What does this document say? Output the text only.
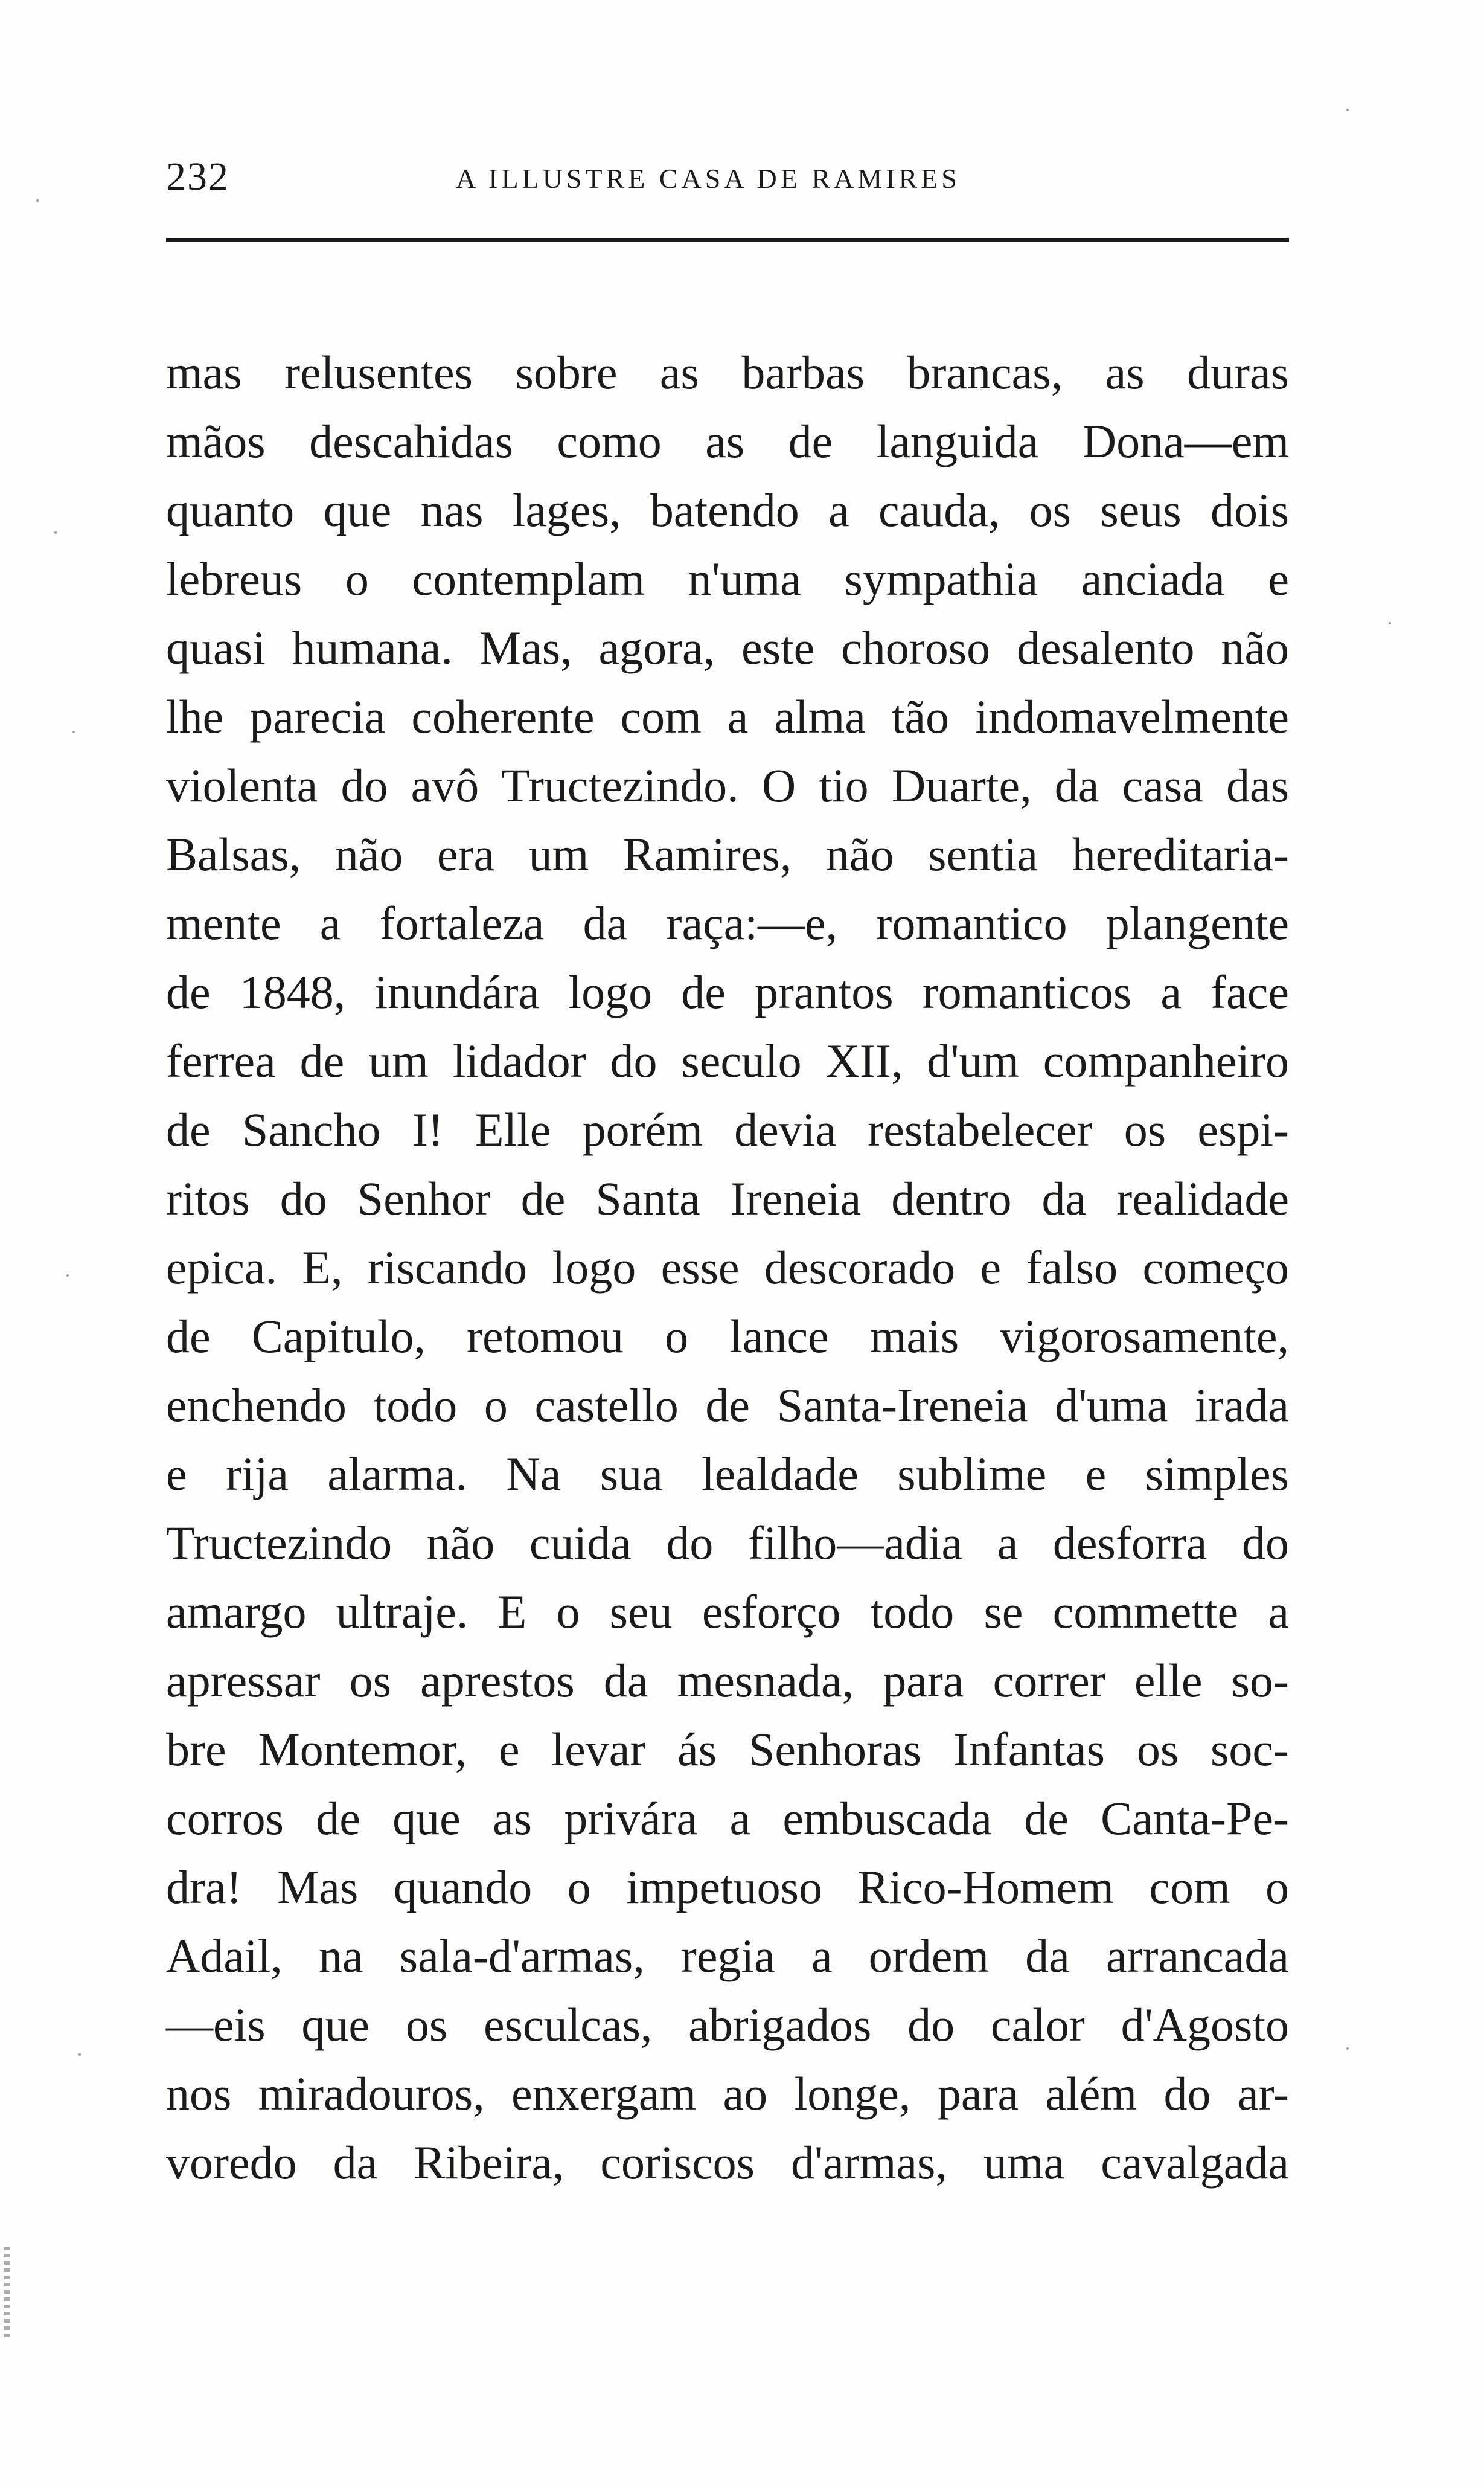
232	A ILLUSTRE CASA DE RAMIRES
mas relusentes sobre as barbas brancas, as duras
mãos descahidas como as de languida Dona—em
quanto que nas lages, batendo a cauda, os seus dois
lebreus o contemplam n'uma sympathia anciada e
quasi humana. Mas, agora, este choroso desalento não
lhe parecia coherente com a alma tão indomavelmente
violenta do avô Tructezindo. O tio Duarte, da casa das
Balsas, não era um Ramires, não sentia hereditaria-
mente a fortaleza da raça:—e, romantico plangente
de 1848, inundára logo de prantos romanticos a face
ferrea de um lidador do seculo XII, d'um companheiro
de Sancho I! Elle porém devia restabelecer os espi-
ritos do Senhor de Santa Ireneia dentro da realidade
epica. E, riscando logo esse descorado e falso começo
de Capitulo, retomou o lance mais vigorosamente,
enchendo todo o castello de Santa-Ireneia d'uma irada
e rija alarma. Na sua lealdade sublime e simples
Tructezindo não cuida do filho—adia a desforra do
amargo ultraje. E o seu esforço todo se commette a
apressar os aprestos da mesnada, para correr elle so-
bre Montemor, e levar ás Senhoras Infantas os soc-
corros de que as privára a embuscada de Canta-Pe-
dra! Mas quando o impetuoso Rico-Homem com o
Adail, na sala-d'armas, regia a ordem da arrancada
—eis que os esculcas, abrigados do calor d'Agosto
nos miradouros, enxergam ao longe, para além do ar-
voredo da Ribeira, coriscos d'armas, uma cavalgada
